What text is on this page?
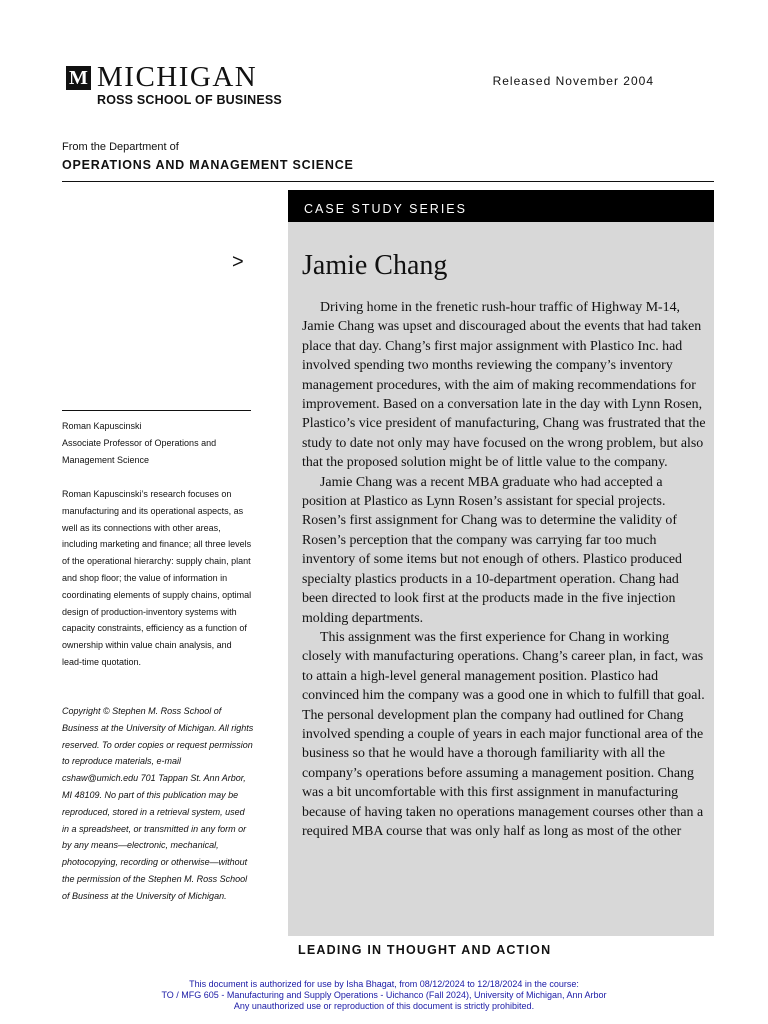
M MICHIGAN
ROSS SCHOOL OF BUSINESS
Released November 2004
From the Department of
OPERATIONS AND MANAGEMENT SCIENCE
CASE STUDY SERIES
> Jamie Chang

Driving home in the frenetic rush-hour traffic of Highway M-14, Jamie Chang was upset and discouraged about the events that had taken place that day. Chang’s first major assignment with Plastico Inc. had involved spending two months reviewing the company’s inventory management procedures, with the aim of making recommendations for improvement. Based on a conversation late in the day with Lynn Rosen, Plastico’s vice president of manufacturing, Chang was frustrated that the study to date not only may have focused on the wrong problem, but also that the proposed solution might be of little value to the company.

Jamie Chang was a recent MBA graduate who had accepted a position at Plastico as Lynn Rosen’s assistant for special projects. Rosen’s first assignment for Chang was to determine the validity of Rosen’s perception that the company was carrying far too much inventory of some items but not enough of others. Plastico produced specialty plastics products in a 10-department operation. Chang had been directed to look first at the products made in the five injection molding departments.

This assignment was the first experience for Chang in working closely with manufacturing operations. Chang’s career plan, in fact, was to attain a high-level general management position. Plastico had convinced him the company was a good one in which to fulfill that goal. The personal development plan the company had outlined for Chang involved spending a couple of years in each major functional area of the business so that he would have a thorough familiarity with all the company’s operations before assuming a management position. Chang was a bit uncomfortable with this first assignment in manufacturing because of having taken no operations management courses other than a required MBA course that was only half as long as most of the other

Roman Kapuscinski
Associate Professor of Operations and
Management Science
Roman Kapuscinski’s research focuses on manufacturing and its operational aspects, as well as its connections with other areas, including marketing and finance; all three levels of the operational hierarchy: supply chain, plant and shop floor; the value of information in coordinating elements of supply chains, optimal design of production-inventory systems with capacity constraints, efficiency as a function of ownership within value chain analysis, and lead-time quotation.
Copyright © Stephen M. Ross School of Business at the University of Michigan. All rights reserved. To order copies or request permission to reproduce materials, e-mail cshaw@umich.edu 701 Tappan St. Ann Arbor, MI 48109. No part of this publication may be reproduced, stored in a retrieval system, used in a spreadsheet, or transmitted in any form or by any means—electronic, mechanical, photocopying, recording or otherwise—without the permission of the Stephen M. Ross School of Business at the University of Michigan.
LEADING IN THOUGHT AND ACTION
This document is authorized for use by Isha Bhagat, from 08/12/2024 to 12/18/2024 in the course:
TO / MFG 605 - Manufacturing and Supply Operations - Uichanco (Fall 2024), University of Michigan, Ann Arbor
Any unauthorized use or reproduction of this document is strictly prohibited.
